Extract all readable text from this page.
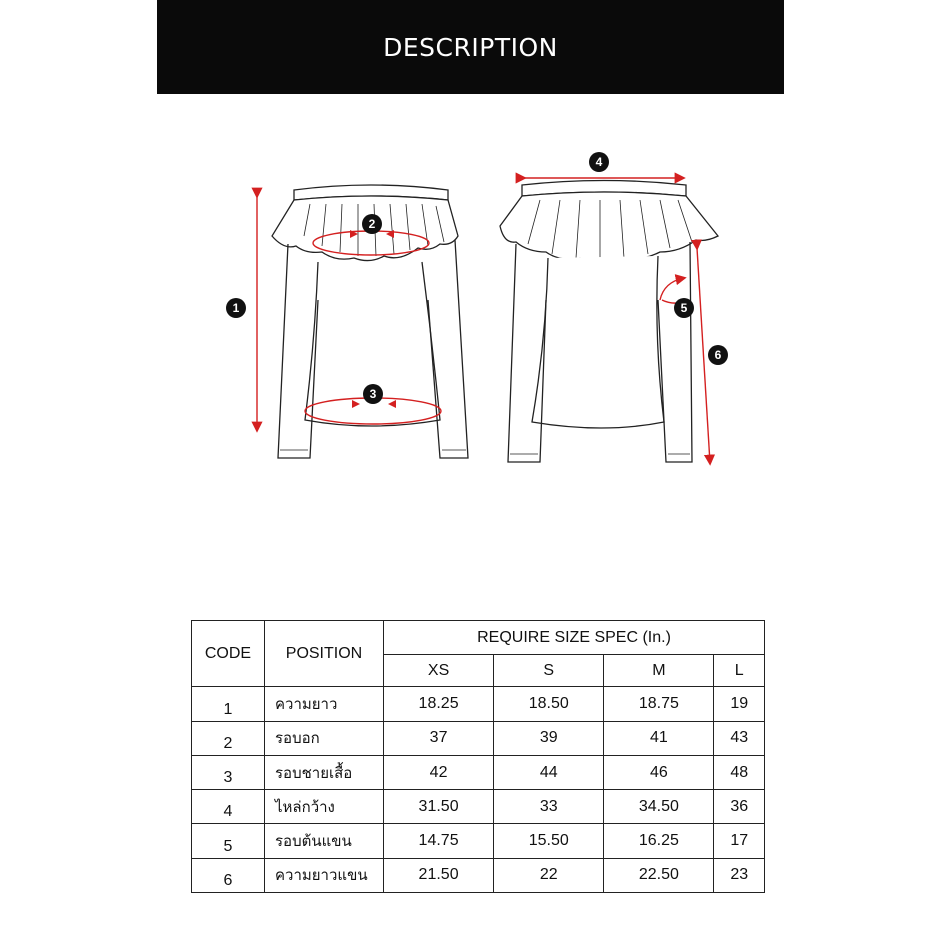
DESCRIPTION
1
2
3
4
5
6
CODE	POSITION	REQUIRE SIZE SPEC (In.)			
		XS	S	M	L
1	ความยาว	18.25	18.50	18.75	19
2	รอบอก	37	39	41	43
3	รอบชายเสื้อ	42	44	46	48
4	ไหล่กว้าง	31.50	33	34.50	36
5	รอบต้นแขน	14.75	15.50	16.25	17
6	ความยาวแขน	21.50	22	22.50	23
